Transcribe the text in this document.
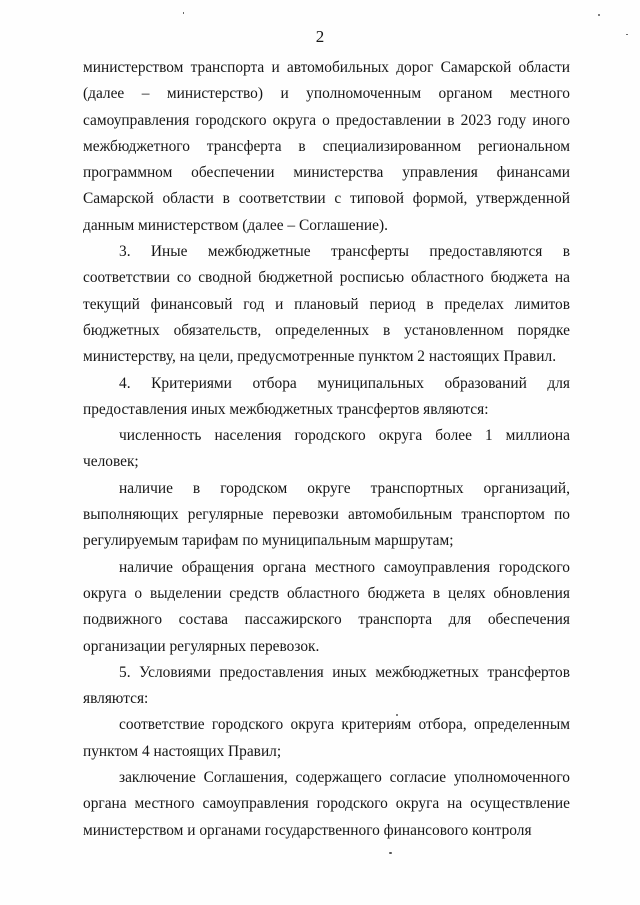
2

министерством транспорта и автомобильных дорог Самарской области (далее – министерство) и уполномоченным органом местного самоуправления городского округа о предоставлении в 2023 году иного межбюджетного трансферта в специализированном региональном программном обеспечении министерства управления финансами Самарской области в соответствии с типовой формой, утвержденной данным министерством (далее – Соглашение).

3. Иные межбюджетные трансферты предоставляются в соответствии со сводной бюджетной росписью областного бюджета на текущий финансовый год и плановый период в пределах лимитов бюджетных обязательств, определенных в установленном порядке министерству, на цели, предусмотренные пунктом 2 настоящих Правил.

4. Критериями отбора муниципальных образований для предоставления иных межбюджетных трансфертов являются:

численность населения городского округа более 1 миллиона человек;

наличие в городском округе транспортных организаций, выполняющих регулярные перевозки автомобильным транспортом по регулируемым тарифам по муниципальным маршрутам;

наличие обращения органа местного самоуправления городского округа о выделении средств областного бюджета в целях обновления подвижного состава пассажирского транспорта для обеспечения организации регулярных перевозок.

5. Условиями предоставления иных межбюджетных трансфертов являются:

соответствие городского округа критериям отбора, определенным пунктом 4 настоящих Правил;

заключение Соглашения, содержащего согласие уполномоченного органа местного самоуправления городского округа на осуществление министерством и органами государственного финансового контроля
